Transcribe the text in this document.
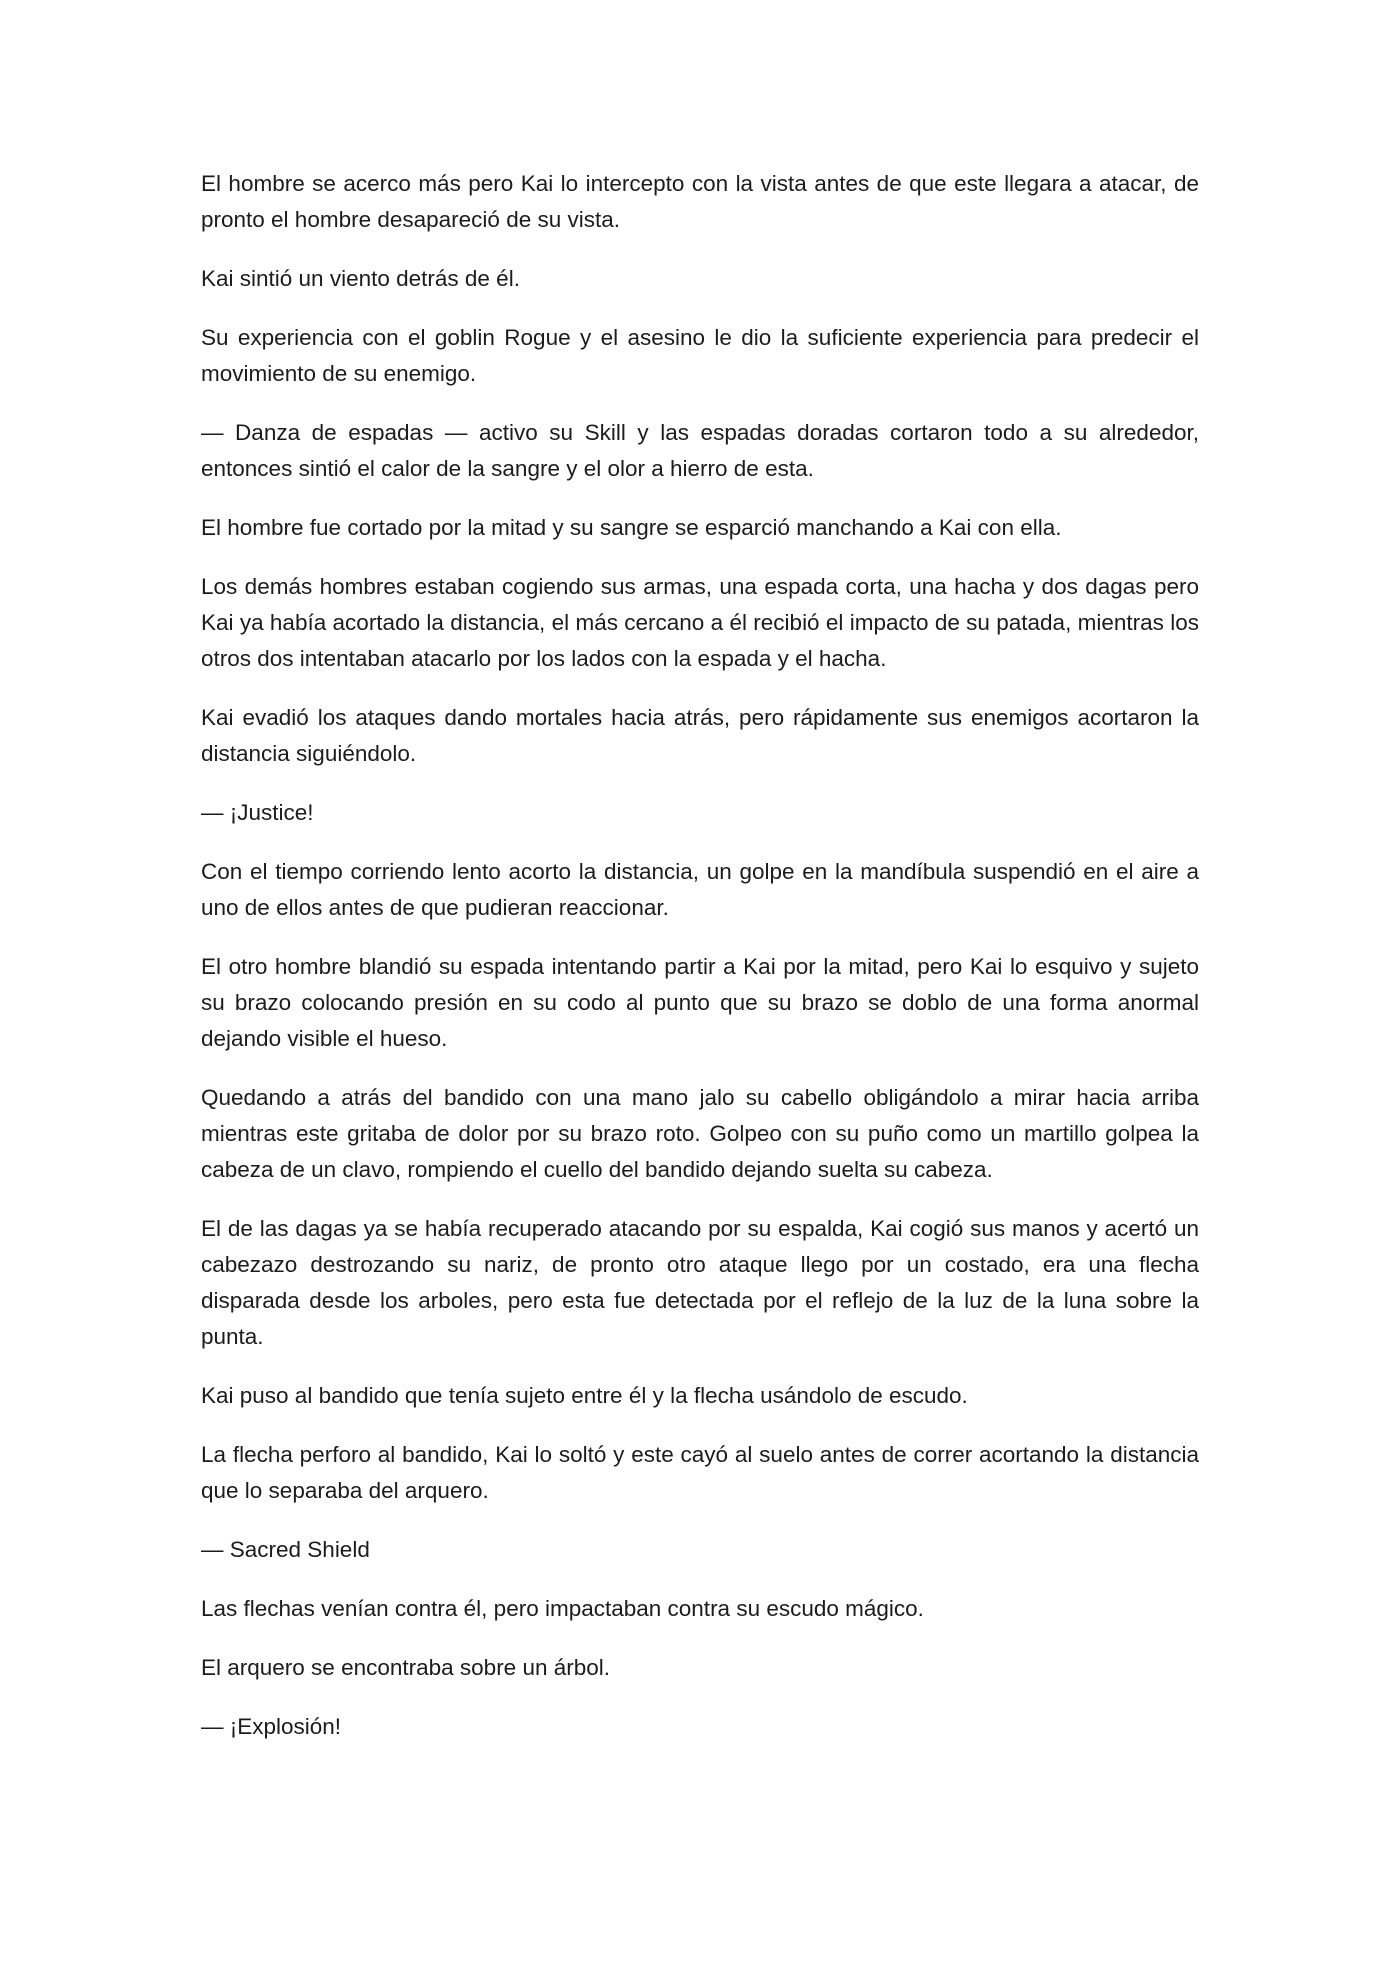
El hombre se acerco más pero Kai lo intercepto con la vista antes de que este llegara a atacar, de pronto el hombre desapareció de su vista.

Kai sintió un viento detrás de él.

Su experiencia con el goblin Rogue y el asesino le dio la suficiente experiencia para predecir el movimiento de su enemigo.

— Danza de espadas — activo su Skill y las espadas doradas cortaron todo a su alrededor, entonces sintió el calor de la sangre y el olor a hierro de esta.

El hombre fue cortado por la mitad y su sangre se esparció manchando a Kai con ella.

Los demás hombres estaban cogiendo sus armas, una espada corta, una hacha y dos dagas pero Kai ya había acortado la distancia, el más cercano a él recibió el impacto de su patada, mientras los otros dos intentaban atacarlo por los lados con la espada y el hacha.

Kai evadió los ataques dando mortales hacia atrás, pero rápidamente sus enemigos acortaron la distancia siguiéndolo.

— ¡Justice!

Con el tiempo corriendo lento acorto la distancia, un golpe en la mandíbula suspendió en el aire a uno de ellos antes de que pudieran reaccionar.

El otro hombre blandió su espada intentando partir a Kai por la mitad, pero Kai lo esquivo y sujeto su brazo colocando presión en su codo al punto que su brazo se doblo de una forma anormal dejando visible el hueso.

Quedando a atrás del bandido con una mano jalo su cabello obligándolo a mirar hacia arriba mientras este gritaba de dolor por su brazo roto. Golpeo con su puño como un martillo golpea la cabeza de un clavo, rompiendo el cuello del bandido dejando suelta su cabeza.

El de las dagas ya se había recuperado atacando por su espalda, Kai cogió sus manos y acertó un cabezazo destrozando su nariz, de pronto otro ataque llego por un costado, era una flecha disparada desde los arboles, pero esta fue detectada por el reflejo de la luz de la luna sobre la punta.

Kai puso al bandido que tenía sujeto entre él y la flecha usándolo de escudo.

La flecha perforo al bandido, Kai lo soltó y este cayó al suelo antes de correr acortando la distancia que lo separaba del arquero.

— Sacred Shield

Las flechas venían contra él, pero impactaban contra su escudo mágico.

El arquero se encontraba sobre un árbol.

— ¡Explosión!
